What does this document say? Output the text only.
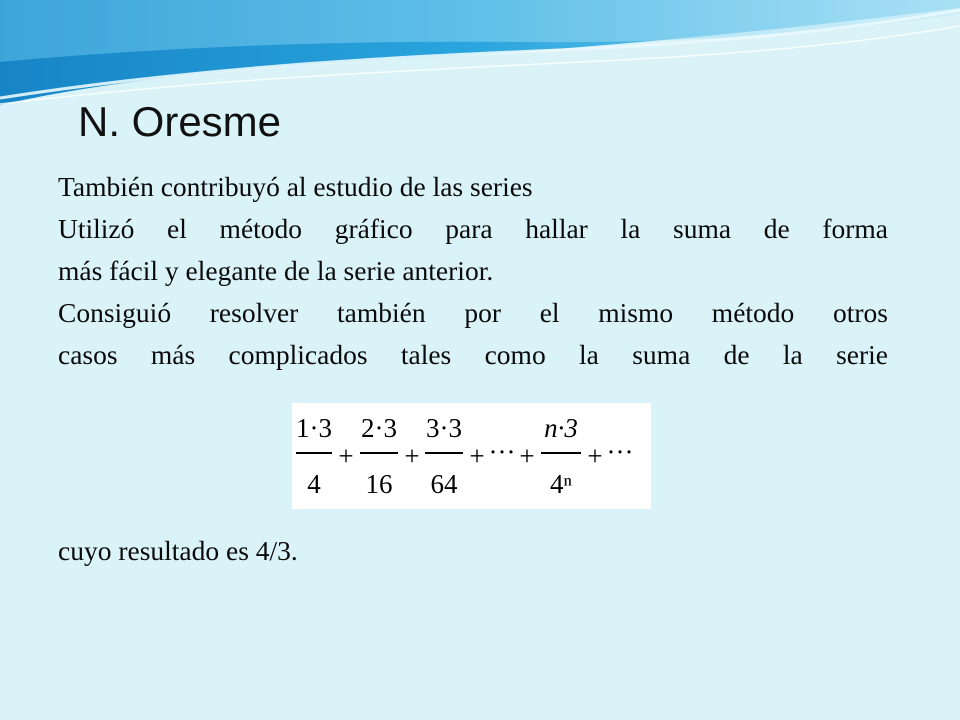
N. Oresme
También contribuyó al estudio de las series
Utilizó el método gráfico para hallar la suma de forma
más fácil y elegante de la serie anterior.
Consiguió resolver también por el mismo método otros
casos más complicados tales como la suma de la serie
1·3
4
+
2·3
16
+
3·3
64
+ ··· +
n·3
4ⁿ
+ ···
cuyo resultado es 4/3.
